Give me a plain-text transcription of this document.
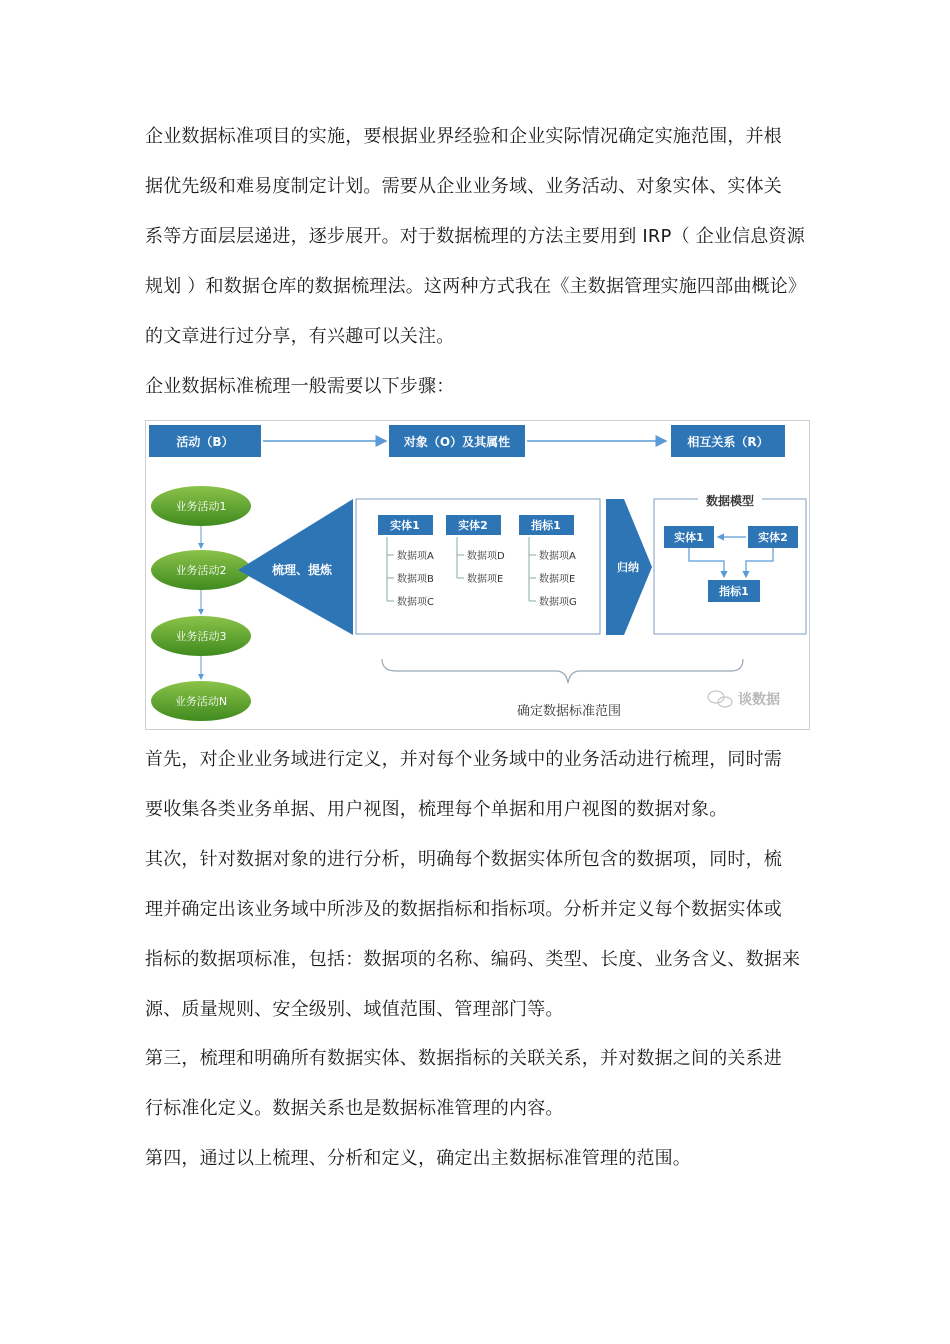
企业数据标准项目的实施，要根据业界经验和企业实际情况确定实施范围，并根
据优先级和难易度制定计划。需要从企业业务域、业务活动、对象实体、实体关
系等方面层层递进，逐步展开。对于数据梳理的方法主要用到 IRP（ 企业信息资源
规划 ）和数据仓库的数据梳理法。这两种方式我在《主数据管理实施四部曲概论》
的文章进行过分享，有兴趣可以关注。
企业数据标准梳理一般需要以下步骤：
活动（B）	对象（O）及其属性	相互关系（R）
业务活动1
业务活动2
业务活动3
业务活动N
梳理、提炼
实体1
数据项A
数据项B
数据项C
实体2
数据项D
数据项E
指标1
数据项A
数据项E
数据项G
归纳
数据模型
实体1	实体2
指标1
确定数据标准范围
谈数据
首先，对企业业务域进行定义，并对每个业务域中的业务活动进行梳理，同时需
要收集各类业务单据、用户视图，梳理每个单据和用户视图的数据对象。
其次，针对数据对象的进行分析，明确每个数据实体所包含的数据项，同时，梳
理并确定出该业务域中所涉及的数据指标和指标项。分析并定义每个数据实体或
指标的数据项标准，包括：数据项的名称、编码、类型、长度、业务含义、数据来
源、质量规则、安全级别、域值范围、管理部门等。
第三，梳理和明确所有数据实体、数据指标的关联关系，并对数据之间的关系进
行标准化定义。数据关系也是数据标准管理的内容。
第四，通过以上梳理、分析和定义，确定出主数据标准管理的范围。
